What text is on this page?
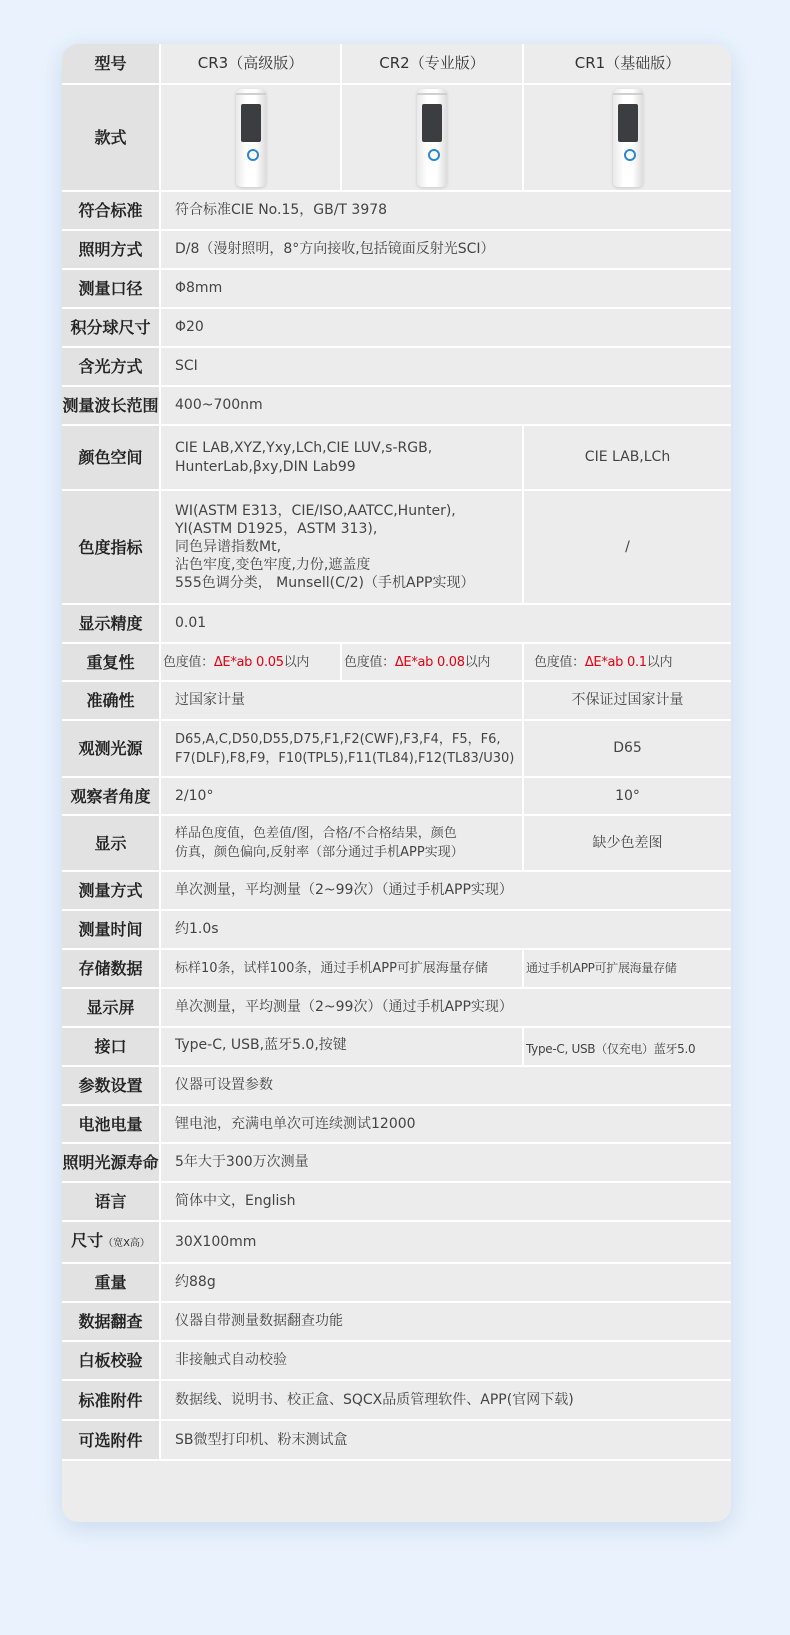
型号	CR3（高级版）	CR2（专业版）	CR1（基础版）
款式	

符合标准	符合标准CIE No.15，GB/T 3978		
照明方式	D/8（漫射照明，8°方向接收,包括镜面反射光SCI）		
测量口径	Φ8mm		
积分球尺寸	Φ20		
含光方式	SCI		
测量波长范围	400~700nm		
颜色空间	CIE LAB,XYZ,Yxy,LCh,CIE LUV,s-RGB,
HunterLab,βxy,DIN Lab99		CIE LAB,LCh
色度指标	WI(ASTM E313，CIE/ISO,AATCC,Hunter),
YI(ASTM D1925，ASTM 313),
同色异谱指数Mt,
沾色牢度,变色牢度,力份,遮盖度
555色调分类， Munsell(C/2)（手机APP实现）		/
显示精度	0.01		
重复性	色度值：ΔE*ab 0.05以内	色度值：ΔE*ab 0.08以内	色度值：ΔE*ab 0.1以内
准确性	过国家计量		不保证过国家计量
观测光源	D65,A,C,D50,D55,D75,F1,F2(CWF),F3,F4，F5，F6,
F7(DLF),F8,F9，F10(TPL5),F11(TL84),F12(TL83/U30)		D65
观察者角度	2/10°		10°
显示	样品色度值，色差值/图，合格/不合格结果，颜色
仿真，颜色偏向,反射率（部分通过手机APP实现）		缺少色差图
测量方式	单次测量，平均测量（2~99次）（通过手机APP实现）		
测量时间	约1.0s		
存储数据	标样10条，试样100条，通过手机APP可扩展海量存储		通过手机APP可扩展海量存储
显示屏	单次测量，平均测量（2~99次）（通过手机APP实现）		
接口	Type-C, USB,蓝牙5.0,按键		Type-C, USB（仅充电）蓝牙5.0
参数设置	仪器可设置参数		
电池电量	锂电池，充满电单次可连续测试12000		
照明光源寿命	5年大于300万次测量		
语言	简体中文，English		
尺寸（宽X高）	30X100mm		
重量	约88g		
数据翻查	仪器自带测量数据翻查功能		
白板校验	非接触式自动校验		
标准附件	数据线、说明书、校正盒、SQCX品质管理软件、APP(官网下载)		
可选附件	SB微型打印机、粉末测试盒		
